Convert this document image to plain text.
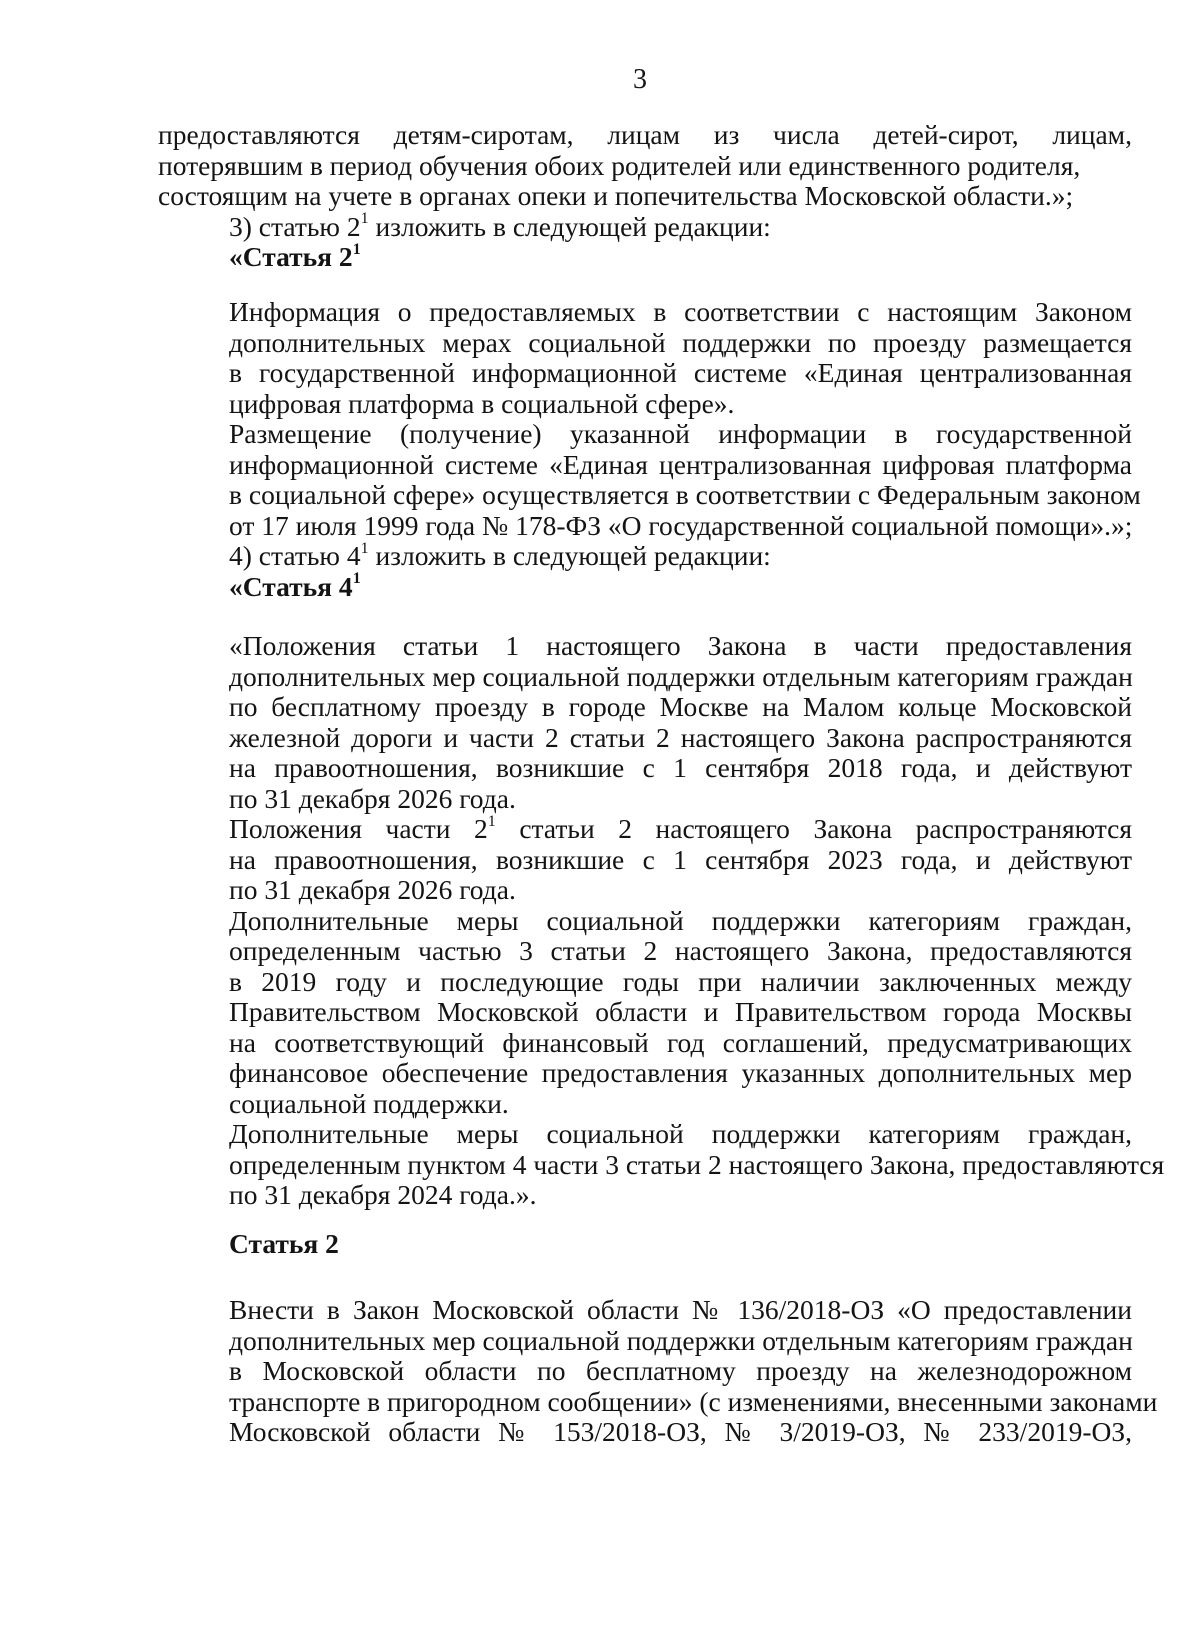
3
предоставляются детям-сиротам, лицам из числа детей-сирот, лицам,
потерявшим в период обучения обоих родителей или единственного родителя,
состоящим на учете в органах опеки и попечительства Московской области.»;
3) статью $2^1$ изложить в следующей редакции:
«Статья $2^1$

Информация о предоставляемых в соответствии с настоящим Законом
дополнительных мерах социальной поддержки по проезду размещается
в государственной информационной системе «Единая централизованная
цифровая платформа в социальной сфере».

Размещение (получение) указанной информации в государственной
информационной системе «Единая централизованная цифровая платформа
в социальной сфере» осуществляется в соответствии с Федеральным законом
от 17 июля 1999 года № 178-ФЗ «О государственной социальной помощи».»;

4) статью $4^1$ изложить в следующей редакции:
«Статья $4^1$

«Положения статьи 1 настоящего Закона в части предоставления
дополнительных мер социальной поддержки отдельным категориям граждан
по бесплатному проезду в городе Москве на Малом кольце Московской
железной дороги и части 2 статьи 2 настоящего Закона распространяются
на правоотношения, возникшие с 1 сентября 2018 года, и действуют
по 31 декабря 2026 года.

Положения части $2^1$ статьи 2 настоящего Закона распространяются
на правоотношения, возникшие с 1 сентября 2023 года, и действуют
по 31 декабря 2026 года.

Дополнительные меры социальной поддержки категориям граждан,
определенным частью 3 статьи 2 настоящего Закона, предоставляются
в 2019 году и последующие годы при наличии заключенных между
Правительством Московской области и Правительством города Москвы
на соответствующий финансовый год соглашений, предусматривающих
финансовое обеспечение предоставления указанных дополнительных мер
социальной поддержки.

Дополнительные меры социальной поддержки категориям граждан,
определенным пунктом 4 части 3 статьи 2 настоящего Закона, предоставляются
по 31 декабря 2024 года.».

Статья 2

Внести в Закон Московской области № 136/2018-ОЗ «О предоставлении
дополнительных мер социальной поддержки отдельным категориям граждан
в Московской области по бесплатному проезду на железнодорожном
транспорте в пригородном сообщении» (с изменениями, внесенными законами
Московской области № 153/2018-ОЗ, № 3/2019-ОЗ, № 233/2019-ОЗ,
